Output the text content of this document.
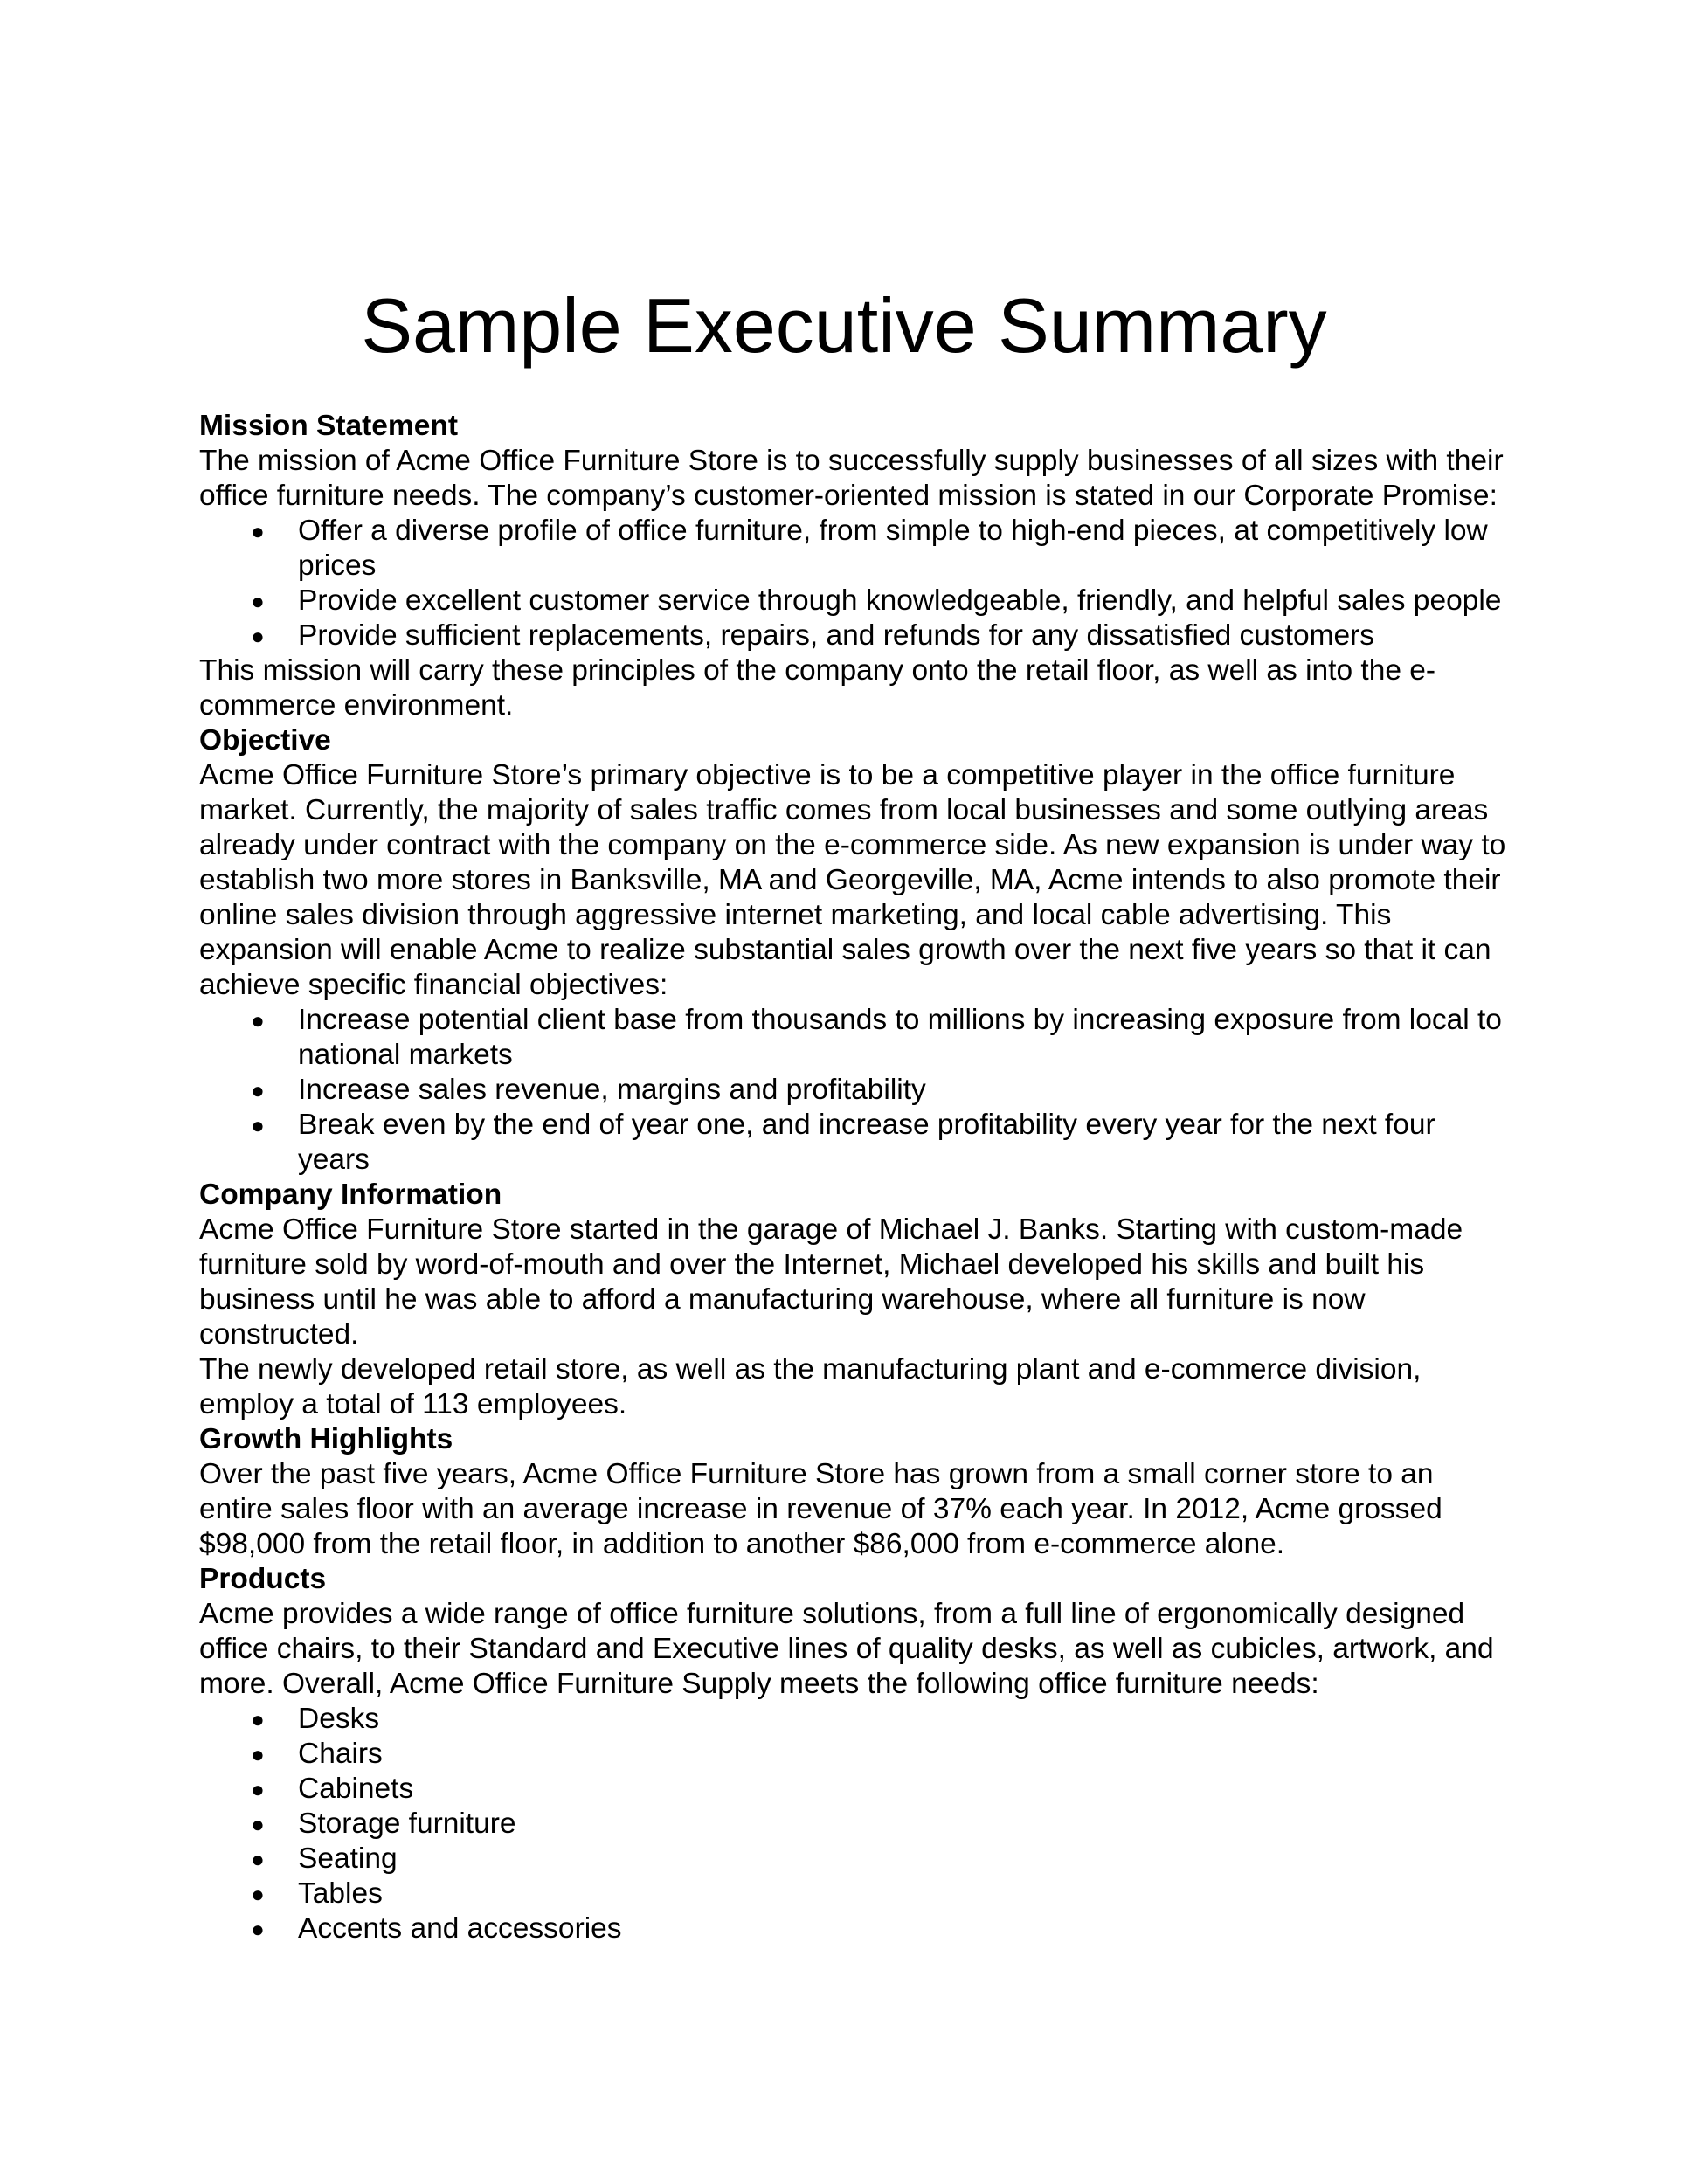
Sample Executive Summary

Mission Statement

The mission of Acme Office Furniture Store is to successfully supply businesses of all sizes with their office furniture needs. The company’s customer-oriented mission is stated in our Corporate Promise:

● Offer a diverse profile of office furniture, from simple to high-end pieces, at competitively low prices
● Provide excellent customer service through knowledgeable, friendly, and helpful sales people
● Provide sufficient replacements, repairs, and refunds for any dissatisfied customers

This mission will carry these principles of the company onto the retail floor, as well as into the e-commerce environment.

Objective

Acme Office Furniture Store’s primary objective is to be a competitive player in the office furniture market. Currently, the majority of sales traffic comes from local businesses and some outlying areas already under contract with the company on the e-commerce side. As new expansion is under way to establish two more stores in Banksville, MA and Georgeville, MA, Acme intends to also promote their online sales division through aggressive internet marketing, and local cable advertising. This expansion will enable Acme to realize substantial sales growth over the next five years so that it can achieve specific financial objectives:

● Increase potential client base from thousands to millions by increasing exposure from local to national markets
● Increase sales revenue, margins and profitability
● Break even by the end of year one, and increase profitability every year for the next four years

Company Information

Acme Office Furniture Store started in the garage of Michael J. Banks. Starting with custom-made furniture sold by word-of-mouth and over the Internet, Michael developed his skills and built his business until he was able to afford a manufacturing warehouse, where all furniture is now constructed.

The newly developed retail store, as well as the manufacturing plant and e-commerce division, employ a total of 113 employees.

Growth Highlights

Over the past five years, Acme Office Furniture Store has grown from a small corner store to an entire sales floor with an average increase in revenue of 37% each year. In 2012, Acme grossed $98,000 from the retail floor, in addition to another $86,000 from e-commerce alone.

Products

Acme provides a wide range of office furniture solutions, from a full line of ergonomically designed office chairs, to their Standard and Executive lines of quality desks, as well as cubicles, artwork, and more. Overall, Acme Office Furniture Supply meets the following office furniture needs:

● Desks
● Chairs
● Cabinets
● Storage furniture
● Seating
● Tables
● Accents and accessories
